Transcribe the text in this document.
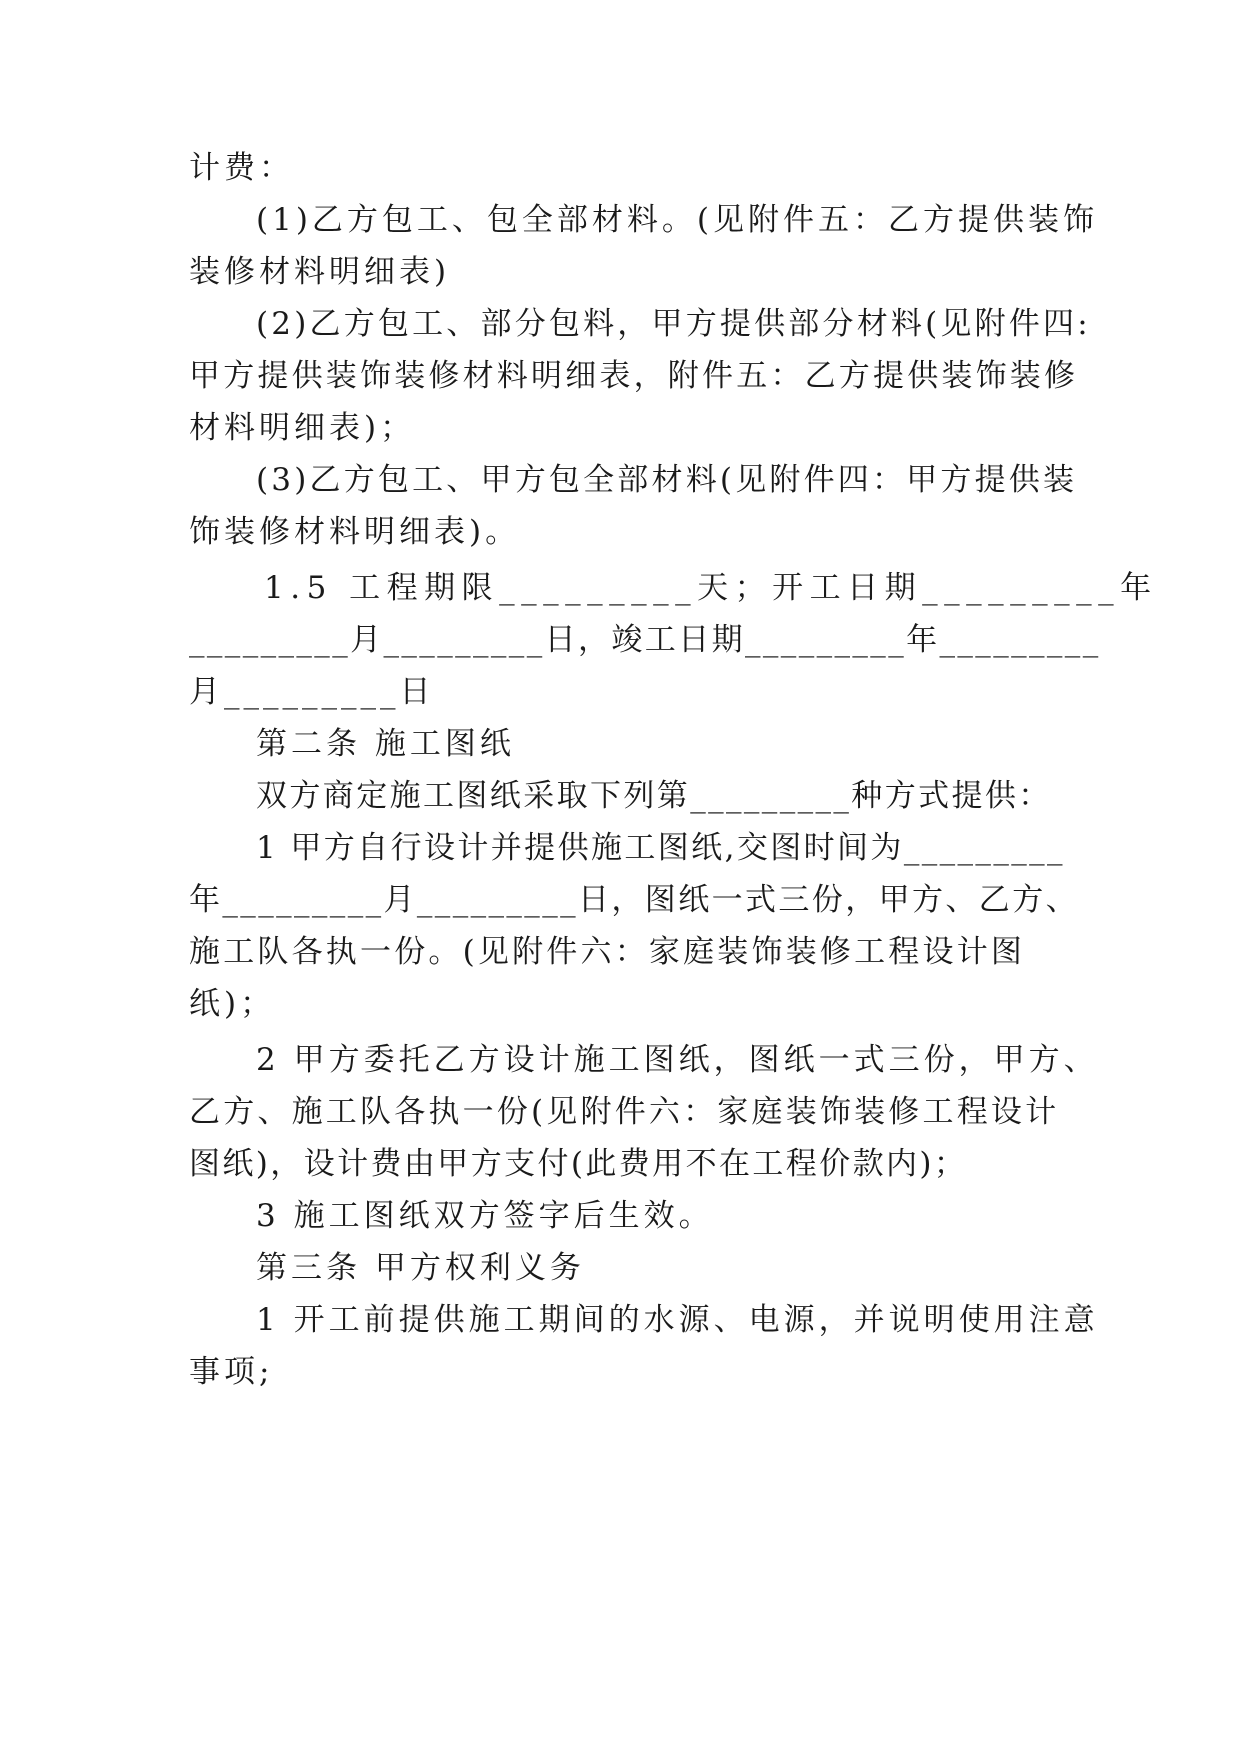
计费：
(1)乙方包工、包全部材料。(见附件五：乙方提供装饰
装修材料明细表)
(2)乙方包工、部分包料，甲方提供部分材料(见附件四:
甲方提供装饰装修材料明细表，附件五：乙方提供装饰装修
材料明细表)；
(3)乙方包工、甲方包全部材料(见附件四：甲方提供装
饰装修材料明细表)。
1.5 工程期限_________天；开工日期_________年
_________月_________日，竣工日期_________年_________
月_________日
第二条 施工图纸
双方商定施工图纸采取下列第_________种方式提供：
1 甲方自行设计并提供施工图纸,交图时间为_________
年_________月_________日，图纸一式三份，甲方、乙方、
施工队各执一份。(见附件六：家庭装饰装修工程设计图
纸)；
2 甲方委托乙方设计施工图纸，图纸一式三份，甲方、
乙方、施工队各执一份(见附件六：家庭装饰装修工程设计
图纸)，设计费由甲方支付(此费用不在工程价款内)；
3 施工图纸双方签字后生效。
第三条 甲方权利义务
1 开工前提供施工期间的水源、电源，并说明使用注意
事项;
